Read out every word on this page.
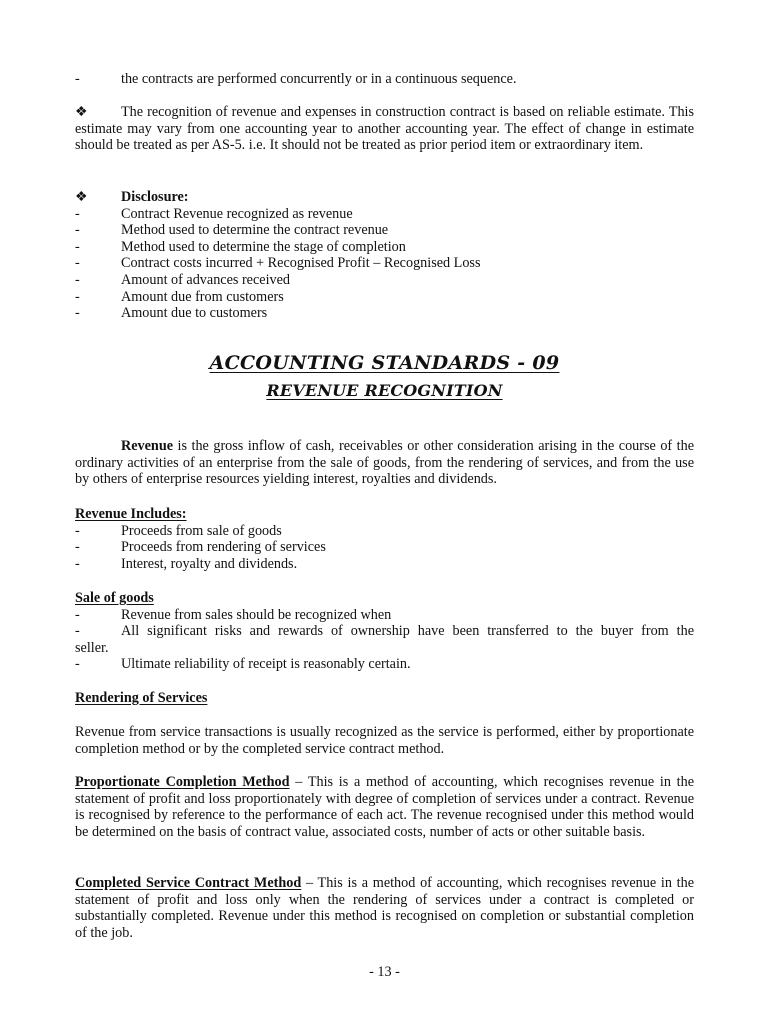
-	the contracts are performed concurrently or in a continuous sequence.
❖ The recognition of revenue and expenses in construction contract is based on reliable estimate. This estimate may vary from one accounting year to another accounting year. The effect of change in estimate should be treated as per AS-5. i.e. It should not be treated as prior period item or extraordinary item.
❖ Disclosure:
-	Contract Revenue recognized as revenue
-	Method used to determine the contract revenue
-	Method used to determine the stage of completion
-	Contract costs incurred + Recognised Profit – Recognised Loss
-	Amount of advances received
-	Amount due from customers
-	Amount due to customers
ACCOUNTING STANDARDS - 09
REVENUE RECOGNITION
Revenue is the gross inflow of cash, receivables or other consideration arising in the course of the ordinary activities of an enterprise from the sale of goods, from the rendering of services, and from the use by others of enterprise resources yielding interest, royalties and dividends.
Revenue Includes:
-	Proceeds from sale of goods
-	Proceeds from rendering of services
-	Interest, royalty and dividends.
Sale of goods
-	Revenue from sales should be recognized when
-	All significant risks and rewards of ownership have been transferred to the buyer from the
seller.
-	Ultimate reliability of receipt is reasonably certain.
Rendering of Services
Revenue from service transactions is usually recognized as the service is performed, either by proportionate completion method or by the completed service contract method.
Proportionate Completion Method – This is a method of accounting, which recognises revenue in the statement of profit and loss proportionately with degree of completion of services under a contract. Revenue is recognised by reference to the performance of each act. The revenue recognised under this method would be determined on the basis of contract value, associated costs, number of acts or other suitable basis.
Completed Service Contract Method – This is a method of accounting, which recognises revenue in the statement of profit and loss only when the rendering of services under a contract is completed or substantially completed. Revenue under this method is recognised on completion or substantial completion of the job.
- 13 -
